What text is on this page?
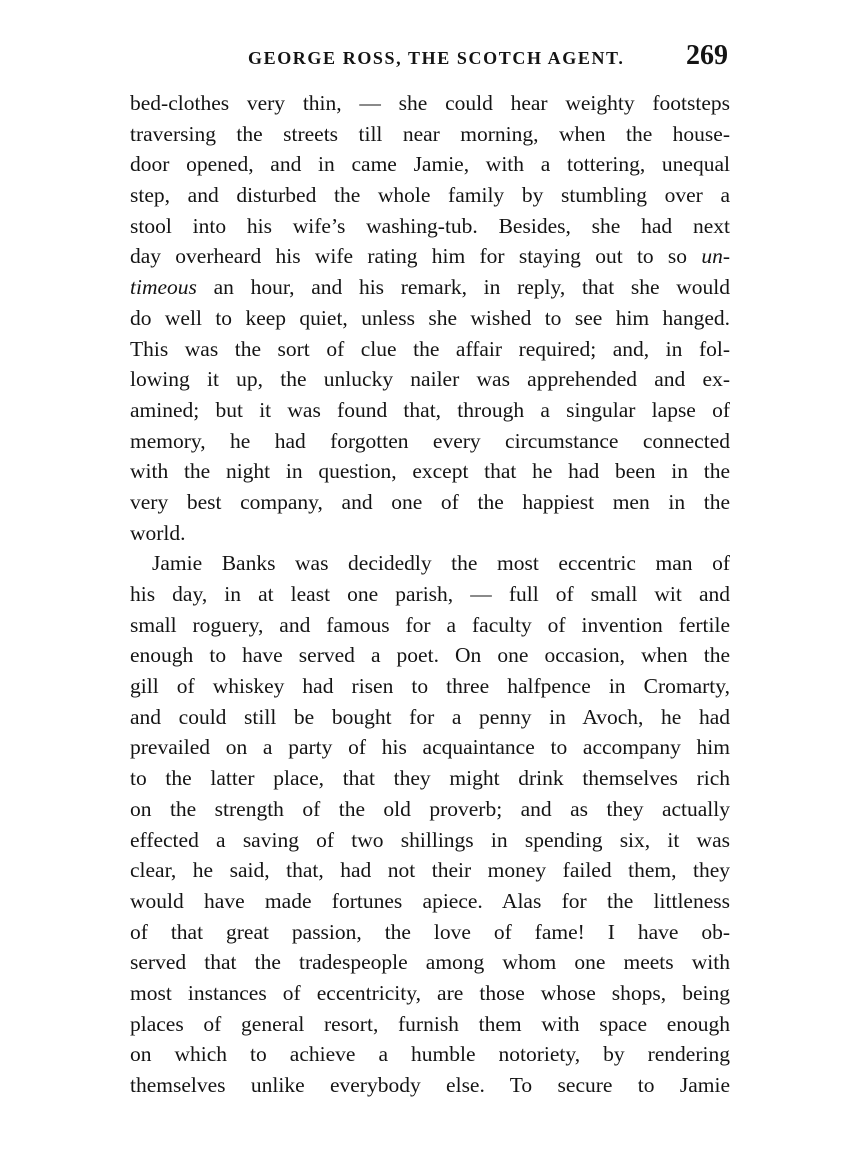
GEORGE ROSS, THE SCOTCH AGENT. 269
bed-clothes very thin, — she could hear weighty footsteps
traversing the streets till near morning, when the house-
door opened, and in came Jamie, with a tottering, unequal
step, and disturbed the whole family by stumbling over a
stool into his wife’s washing-tub. Besides, she had next
day overheard his wife rating him for staying out to so un-
timeous an hour, and his remark, in reply, that she would
do well to keep quiet, unless she wished to see him hanged.
This was the sort of clue the affair required; and, in fol-
lowing it up, the unlucky nailer was apprehended and ex-
amined; but it was found that, through a singular lapse of
memory, he had forgotten every circumstance connected
with the night in question, except that he had been in the
very best company, and one of the happiest men in the
world.
Jamie Banks was decidedly the most eccentric man of
his day, in at least one parish, — full of small wit and
small roguery, and famous for a faculty of invention fertile
enough to have served a poet. On one occasion, when the
gill of whiskey had risen to three halfpence in Cromarty,
and could still be bought for a penny in Avoch, he had
prevailed on a party of his acquaintance to accompany him
to the latter place, that they might drink themselves rich
on the strength of the old proverb; and as they actually
effected a saving of two shillings in spending six, it was
clear, he said, that, had not their money failed them, they
would have made fortunes apiece. Alas for the littleness
of that great passion, the love of fame! I have ob-
served that the tradespeople among whom one meets with
most instances of eccentricity, are those whose shops, being
places of general resort, furnish them with space enough
on which to achieve a humble notoriety, by rendering
themselves unlike everybody else. To secure to Jamie
